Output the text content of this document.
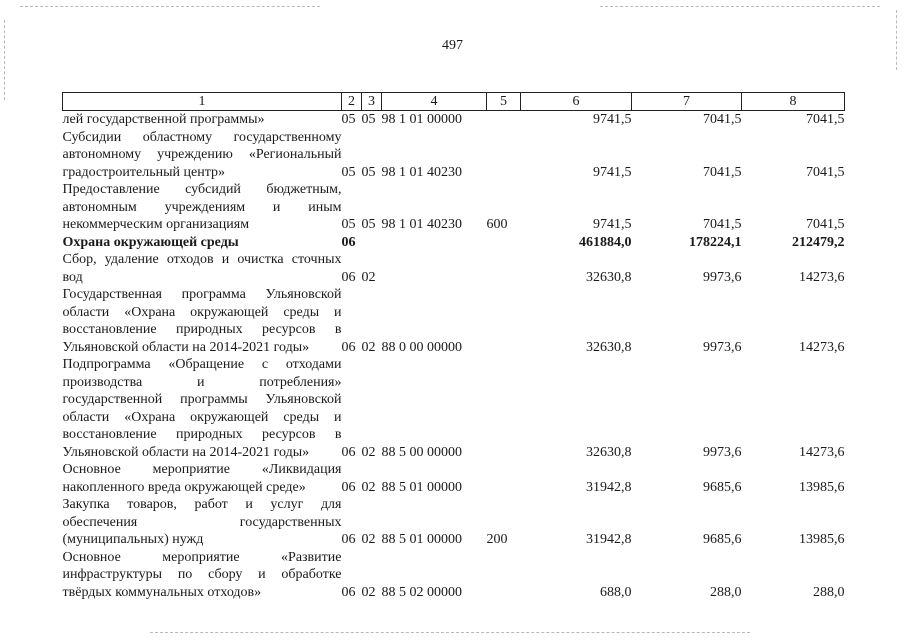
497
1	2	3	4	5	6	7	8
лей государственной программы»	05	05	98 1 01 00000		9741,5	7041,5	7041,5
Субсидии областному государственному автономному учреждению «Региональный градостроительный центр»	05	05	98 1 01 40230		9741,5	7041,5	7041,5
Предоставление субсидий бюджетным, автономным учреждениям и иным некоммерческим организациям	05	05	98 1 01 40230	600	9741,5	7041,5	7041,5
Охрана окружающей среды	06				461884,0	178224,1	212479,2
Сбор, удаление отходов и очистка сточных вод	06	02			32630,8	9973,6	14273,6
Государственная программа Ульяновской области «Охрана окружающей среды и восстановление природных ресурсов в Ульяновской области на 2014-2021 годы»	06	02	88 0 00 00000		32630,8	9973,6	14273,6
Подпрограмма «Обращение с отходами производства и потребления» государственной программы Ульяновской области «Охрана окружающей среды и восстановление природных ресурсов в Ульяновской области на 2014-2021 годы»	06	02	88 5 00 00000		32630,8	9973,6	14273,6
Основное мероприятие «Ликвидация накопленного вреда окружающей среде»	06	02	88 5 01 00000		31942,8	9685,6	13985,6
Закупка товаров, работ и услуг для обеспечения государственных (муниципальных) нужд	06	02	88 5 01 00000	200	31942,8	9685,6	13985,6
Основное мероприятие «Развитие инфраструктуры по сбору и обработке твёрдых коммунальных отходов»	06	02	88 5 02 00000		688,0	288,0	288,0
